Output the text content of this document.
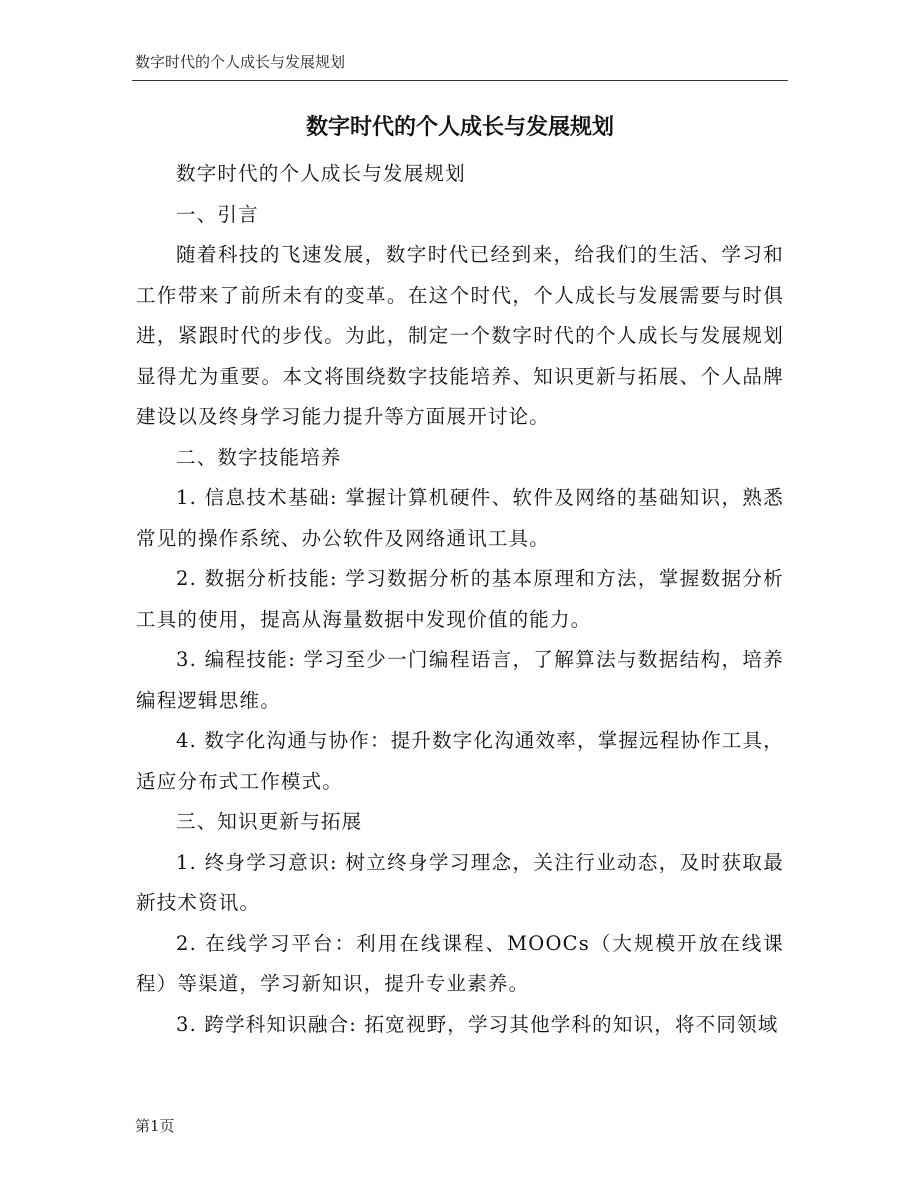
数字时代的个人成长与发展规划
数字时代的个人成长与发展规划

数字时代的个人成长与发展规划

一、引言

随着科技的飞速发展，数字时代已经到来，给我们的生活、学习和工作带来了前所未有的变革。在这个时代，个人成长与发展需要与时俱进，紧跟时代的步伐。为此，制定一个数字时代的个人成长与发展规划显得尤为重要。本文将围绕数字技能培养、知识更新与拓展、个人品牌建设以及终身学习能力提升等方面展开讨论。

二、数字技能培养

1. 信息技术基础: 掌握计算机硬件、软件及网络的基础知识，熟悉常见的操作系统、办公软件及网络通讯工具。

2. 数据分析技能: 学习数据分析的基本原理和方法，掌握数据分析工具的使用，提高从海量数据中发现价值的能力。

3. 编程技能: 学习至少一门编程语言，了解算法与数据结构，培养编程逻辑思维。

4. 数字化沟通与协作：提升数字化沟通效率，掌握远程协作工具，适应分布式工作模式。

三、知识更新与拓展

1. 终身学习意识: 树立终身学习理念，关注行业动态，及时获取最新技术资讯。

2. 在线学习平台：利用在线课程、MOOCs（大规模开放在线课程）等渠道，学习新知识，提升专业素养。

3. 跨学科知识融合: 拓宽视野，学习其他学科的知识，将不同领域

第1页
